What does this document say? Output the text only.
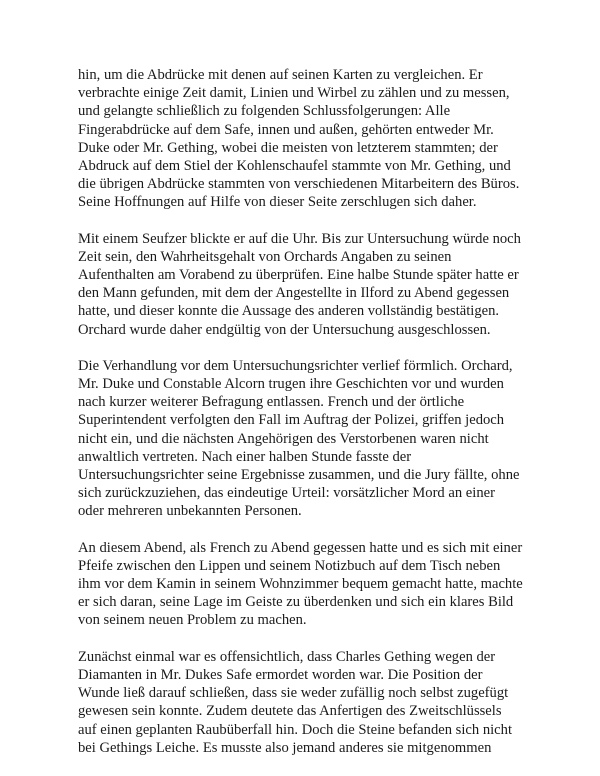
hin, um die Abdrücke mit denen auf seinen Karten zu vergleichen. Er
verbrachte einige Zeit damit, Linien und Wirbel zu zählen und zu messen,
und gelangte schließlich zu folgenden Schlussfolgerungen: Alle
Fingerabdrücke auf dem Safe, innen und außen, gehörten entweder Mr.
Duke oder Mr. Gething, wobei die meisten von letzterem stammten; der
Abdruck auf dem Stiel der Kohlenschaufel stammte von Mr. Gething, und
die übrigen Abdrücke stammten von verschiedenen Mitarbeitern des Büros.
Seine Hoffnungen auf Hilfe von dieser Seite zerschlugen sich daher.

Mit einem Seufzer blickte er auf die Uhr. Bis zur Untersuchung würde noch
Zeit sein, den Wahrheitsgehalt von Orchards Angaben zu seinen
Aufenthalten am Vorabend zu überprüfen. Eine halbe Stunde später hatte er
den Mann gefunden, mit dem der Angestellte in Ilford zu Abend gegessen
hatte, und dieser konnte die Aussage des anderen vollständig bestätigen.
Orchard wurde daher endgültig von der Untersuchung ausgeschlossen.

Die Verhandlung vor dem Untersuchungsrichter verlief förmlich. Orchard,
Mr. Duke und Constable Alcorn trugen ihre Geschichten vor und wurden
nach kurzer weiterer Befragung entlassen. French und der örtliche
Superintendent verfolgten den Fall im Auftrag der Polizei, griffen jedoch
nicht ein, und die nächsten Angehörigen des Verstorbenen waren nicht
anwaltlich vertreten. Nach einer halben Stunde fasste der
Untersuchungsrichter seine Ergebnisse zusammen, und die Jury fällte, ohne
sich zurückzuziehen, das eindeutige Urteil: vorsätzlicher Mord an einer
oder mehreren unbekannten Personen.

An diesem Abend, als French zu Abend gegessen hatte und es sich mit einer
Pfeife zwischen den Lippen und seinem Notizbuch auf dem Tisch neben
ihm vor dem Kamin in seinem Wohnzimmer bequem gemacht hatte, machte
er sich daran, seine Lage im Geiste zu überdenken und sich ein klares Bild
von seinem neuen Problem zu machen.

Zunächst einmal war es offensichtlich, dass Charles Gething wegen der
Diamanten in Mr. Dukes Safe ermordet worden war. Die Position der
Wunde ließ darauf schließen, dass sie weder zufällig noch selbst zugefügt
gewesen sein konnte. Zudem deutete das Anfertigen des Zweitschlüssels
auf einen geplanten Raubüberfall hin. Doch die Steine befanden sich nicht
bei Gethings Leiche. Es musste also jemand anderes sie mitgenommen
